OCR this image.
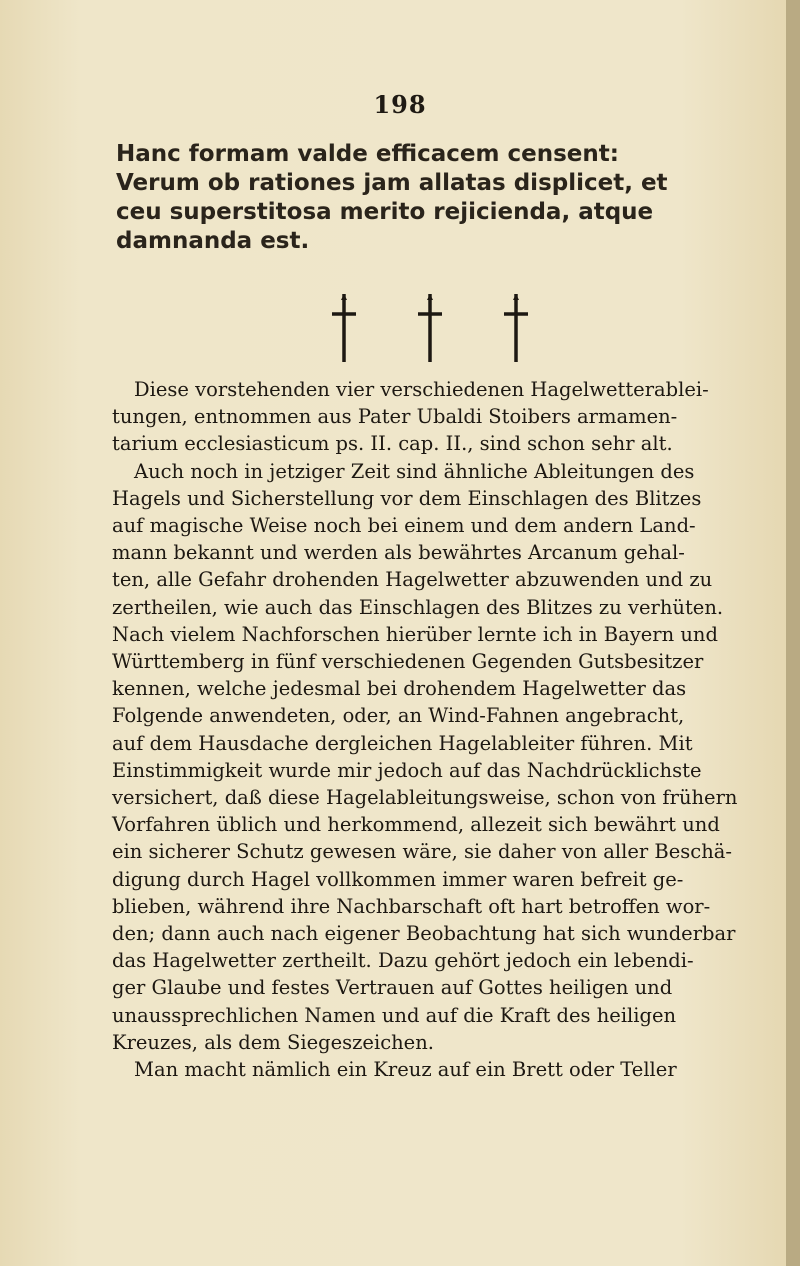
198
Hanc formam valde efficacem censent:
Verum ob rationes jam allatas displicet, et
ceu superstitosa merito rejicienda, atque
damnanda est.
Diese vorstehenden vier verschiedenen Hagelwetterablei-
tungen, entnommen aus Pater Ubaldi Stoibers armamen-
tarium ecclesiasticum ps. II. cap. II., sind schon sehr alt.
Auch noch in jetziger Zeit sind ähnliche Ableitungen des
Hagels und Sicherstellung vor dem Einschlagen des Blitzes
auf magische Weise noch bei einem und dem andern Land-
mann bekannt und werden als bewährtes Arcanum gehal-
ten, alle Gefahr drohenden Hagelwetter abzuwenden und zu
zertheilen, wie auch das Einschlagen des Blitzes zu verhüten.
Nach vielem Nachforschen hierüber lernte ich in Bayern und
Württemberg in fünf verschiedenen Gegenden Gutsbesitzer
kennen, welche jedesmal bei drohendem Hagelwetter das
Folgende anwendeten, oder, an Wind-Fahnen angebracht,
auf dem Hausdache dergleichen Hagelableiter führen. Mit
Einstimmigkeit wurde mir jedoch auf das Nachdrücklichste
versichert, daß diese Hagelableitungsweise, schon von frühern
Vorfahren üblich und herkommend, allezeit sich bewährt und
ein sicherer Schutz gewesen wäre, sie daher von aller Beschä-
digung durch Hagel vollkommen immer waren befreit ge-
blieben, während ihre Nachbarschaft oft hart betroffen wor-
den; dann auch nach eigener Beobachtung hat sich wunderbar
das Hagelwetter zertheilt. Dazu gehört jedoch ein lebendi-
ger Glaube und festes Vertrauen auf Gottes heiligen und
unaussprechlichen Namen und auf die Kraft des heiligen
Kreuzes, als dem Siegeszeichen.
Man macht nämlich ein Kreuz auf ein Brett oder Teller
